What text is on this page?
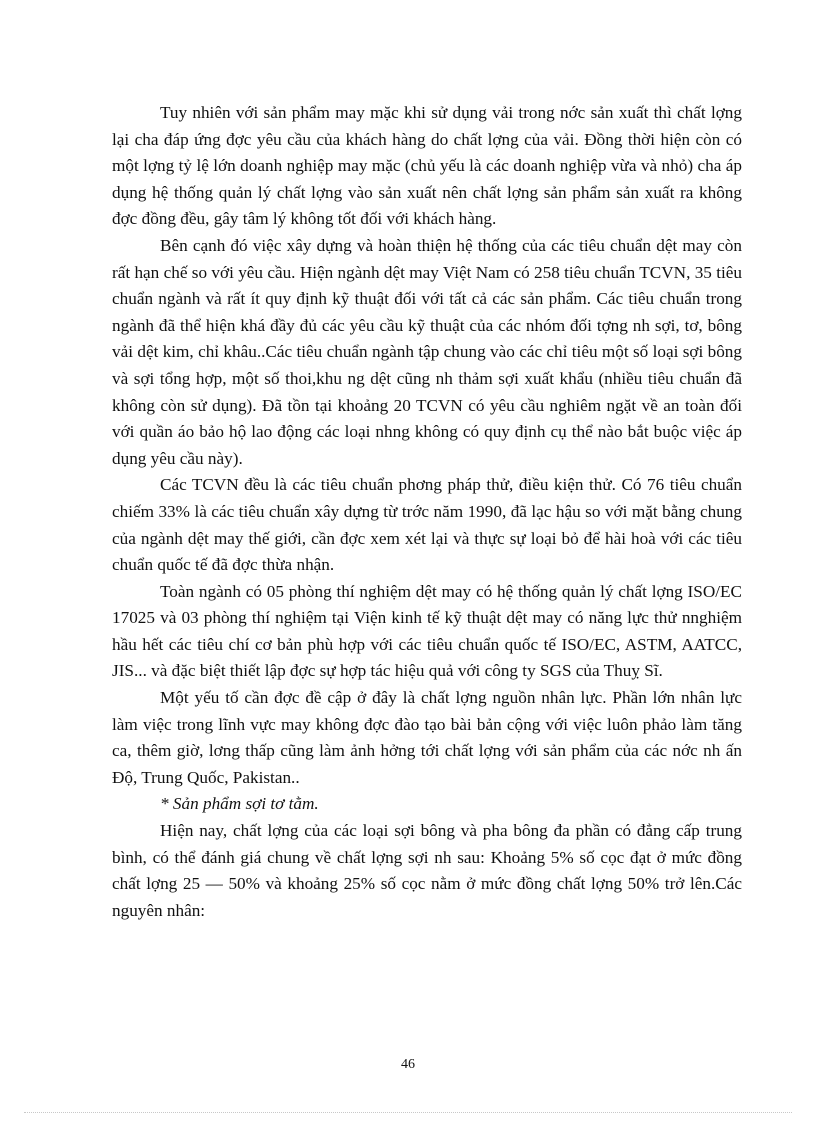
Tuy nhiên với sản phẩm may mặc khi sử dụng vải trong nớc sản xuất thì chất lợng lại cha đáp ứng đợc yêu cầu của khách hàng do chất lợng của vải. Đồng thời hiện còn có một lợng tỷ lệ lớn doanh nghiệp may mặc (chủ yếu là các doanh nghiệp vừa và nhỏ) cha áp dụng hệ thống quản lý chất lợng vào sản xuất nên chất lợng sản phẩm sản xuất ra không đợc đồng đều, gây tâm lý không tốt đối với khách hàng.

Bên cạnh đó việc xây dựng và hoàn thiện hệ thống của các tiêu chuẩn dệt may còn rất hạn chế so với yêu cầu. Hiện ngành dệt may Việt Nam có 258 tiêu chuẩn TCVN, 35 tiêu chuẩn ngành và rất ít quy định kỹ thuật đối với tất cả các sản phẩm. Các tiêu chuẩn trong ngành đã thể hiện khá đầy đủ các yêu cầu kỹ thuật của các nhóm đối tợng nh sợi, tơ, bông vải dệt kim, chỉ khâu..Các tiêu chuẩn ngành tập chung vào các chỉ tiêu một số loại sợi bông và sợi tổng hợp, một số thoi,khu ng dệt cũng nh thảm sợi xuất khẩu (nhiều tiêu chuẩn đã không còn sử dụng). Đã tồn tại khoảng 20 TCVN có yêu cầu nghiêm ngặt về an toàn đối với quần áo bảo hộ lao động các loại nhng không có quy định cụ thể nào bắt buộc việc áp dụng yêu cầu này).

Các TCVN đều là các tiêu chuẩn phơng pháp thử, điều kiện thử. Có 76 tiêu chuẩn chiếm 33% là các tiêu chuẩn xây dựng từ trớc năm 1990, đã lạc hậu so với mặt bằng chung của ngành dệt may thế giới, cần đợc xem xét lại và thực sự loại bỏ để hài hoà với các tiêu chuẩn quốc tế đã đợc thừa nhận.

Toàn ngành có 05 phòng thí nghiệm dệt may có hệ thống quản lý chất lợng ISO/EC 17025 và 03 phòng thí nghiệm tại Viện kinh tế kỹ thuật dệt may có năng lực thử nnghiệm hầu hết các tiêu chí cơ bản phù hợp với các tiêu chuẩn quốc tế ISO/EC, ASTM, AATCC, JIS... và đặc biệt thiết lập đợc sự hợp tác hiệu quả với công ty SGS của Thuỵ Sĩ.

Một yếu tố cần đợc đề cập ở đây là chất lợng nguồn nhân lực. Phần lớn nhân lực làm việc trong lĩnh vực may không đợc đào tạo bài bản cộng với việc luôn phảo làm tăng ca, thêm giờ, lơng thấp cũng làm ảnh hởng tới chất lợng với sản phẩm của các nớc nh ấn Độ, Trung Quốc, Pakistan..

* Sản phẩm sợi tơ tằm.

Hiện nay, chất lợng của các loại sợi bông và pha bông đa phần có đẳng cấp trung bình, có thể đánh giá chung về chất lợng sợi nh sau: Khoảng 5% số cọc đạt ở mức đồng chất lợng 25 — 50% và khoảng 25% số cọc nằm ở mức đồng chất lợng 50% trở lên.Các nguyên nhân:

46
